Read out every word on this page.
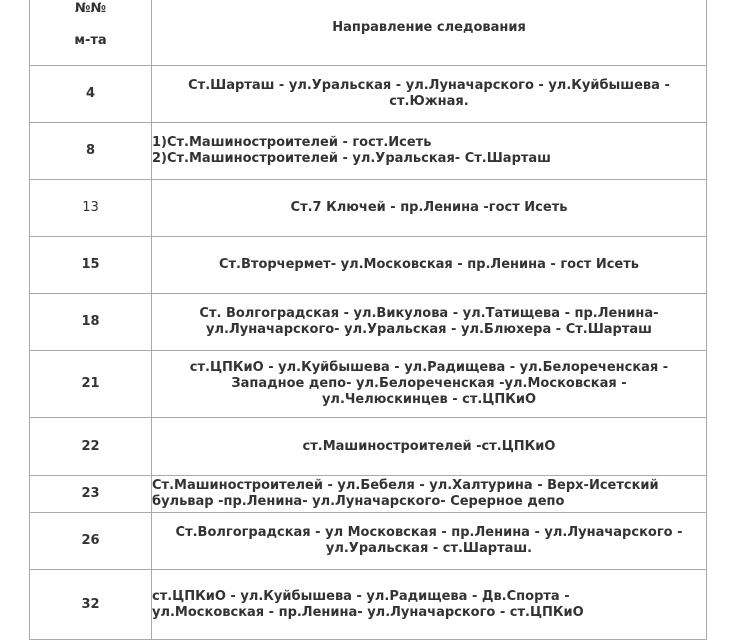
№№
м-та	Направление следования
4	Ст.Шарташ - ул.Уральская - ул.Луначарского - ул.Куйбышева -
ст.Южная.

8	1)Ст.Машиностроителей - гост.Исеть
2)Ст.Машиностроителей - ул.Уральская- Ст.Шарташ

13	Ст.7 Ключей - пр.Ленина -гост Исеть

15	Ст.Вторчермет- ул.Московская - пр.Ленина - гост Исеть

18	Ст. Волгоградская - ул.Викулова - ул.Татищева - пр.Ленина-
ул.Луначарского- ул.Уральская - ул.Блюхера - Ст.Шарташ

21	ст.ЦПКиО - ул.Куйбышева - ул.Радищева - ул.Белореченская -
Западное депо- ул.Белореченская -ул.Московская -
ул.Челюскинцев - ст.ЦПКиО

22	ст.Машиностроителей -ст.ЦПКиО

23	Ст.Машиностроителей - ул.Бебеля - ул.Халтурина - Верх-Исетский
бульвар -пр.Ленина- ул.Луначарского- Серерное депо

26	Ст.Волгоградская - ул Московская - пр.Ленина - ул.Луначарского -
ул.Уральская - ст.Шарташ.

32	ст.ЦПКиО - ул.Куйбышева - ул.Радищева - Дв.Спорта -
ул.Московская - пр.Ленина- ул.Луначарского - ст.ЦПКиО
